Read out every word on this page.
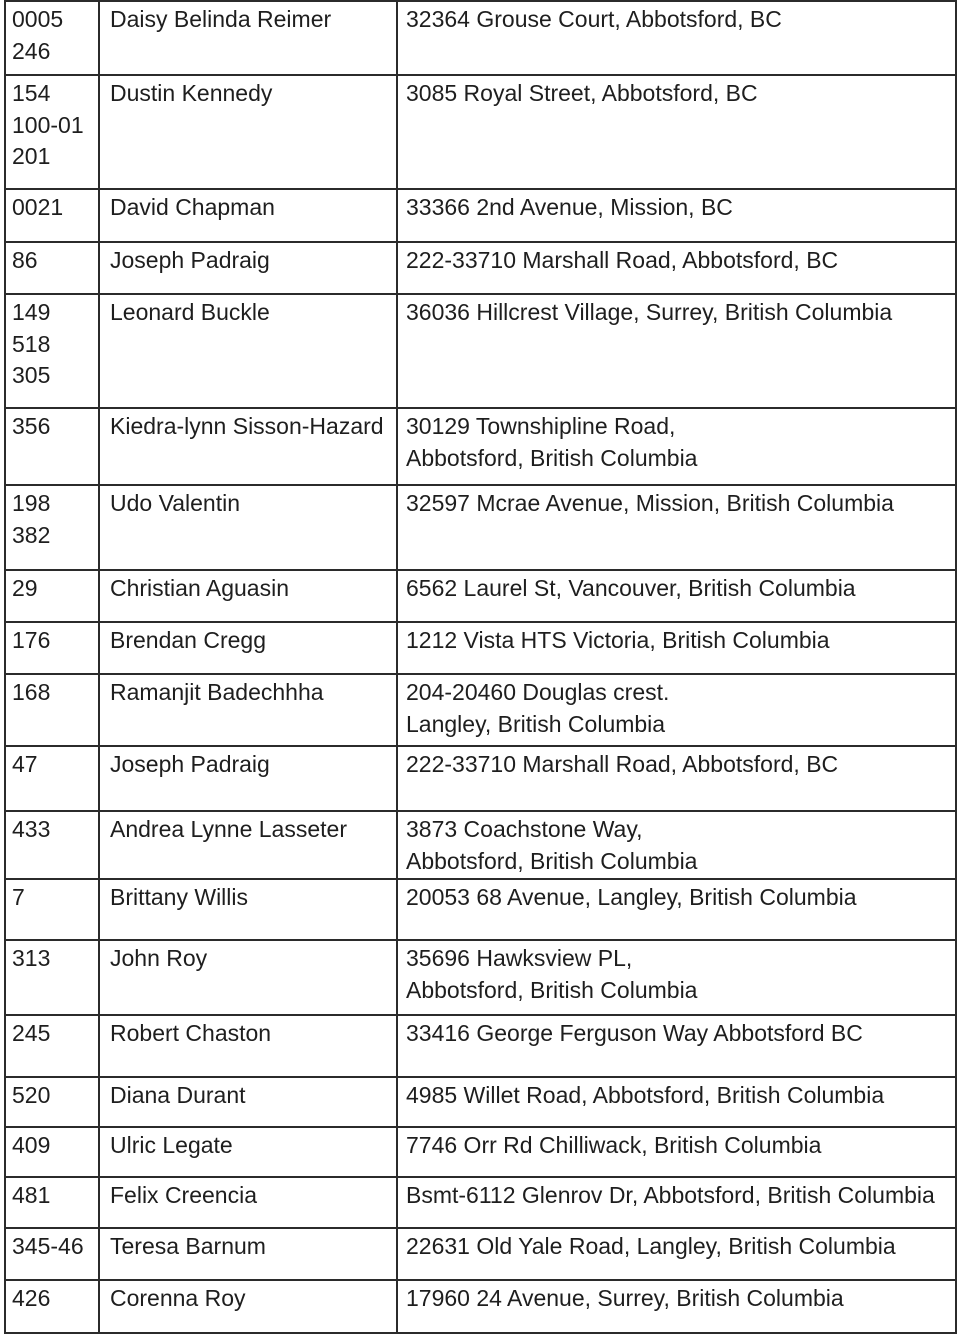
0005
246	Daisy Belinda Reimer	32364 Grouse Court, Abbotsford, BC

154
100-01
201	Dustin Kennedy	3085 Royal Street, Abbotsford, BC

0021	David Chapman	33366 2nd Avenue, Mission, BC

86	Joseph Padraig	222-33710 Marshall Road, Abbotsford, BC

149
518
305	Leonard Buckle	36036 Hillcrest Village, Surrey, British Columbia

356	Kiedra-lynn Sisson-Hazard	30129 Townshipline Road,
Abbotsford, British Columbia

198
382	Udo Valentin	32597 Mcrae Avenue, Mission, British Columbia

29	Christian Aguasin	6562 Laurel St, Vancouver, British Columbia

176	Brendan Cregg	1212 Vista HTS Victoria, British Columbia

168	Ramanjit Badechhha	204-20460 Douglas crest.
Langley, British Columbia

47	Joseph Padraig	222-33710 Marshall Road, Abbotsford, BC

433	Andrea Lynne Lasseter	3873 Coachstone Way,
Abbotsford, British Columbia

7	Brittany Willis	20053 68 Avenue, Langley, British Columbia

313	John Roy	35696 Hawksview PL,
Abbotsford, British Columbia

245	Robert Chaston	33416 George Ferguson Way Abbotsford BC

520	Diana Durant	4985 Willet Road, Abbotsford, British Columbia

409	Ulric Legate	7746 Orr Rd Chilliwack, British Columbia

481	Felix Creencia	Bsmt-6112 Glenrov Dr, Abbotsford, British Columbia

345-46	Teresa Barnum	22631 Old Yale Road, Langley, British Columbia

426	Corenna Roy	17960 24 Avenue, Surrey, British Columbia
